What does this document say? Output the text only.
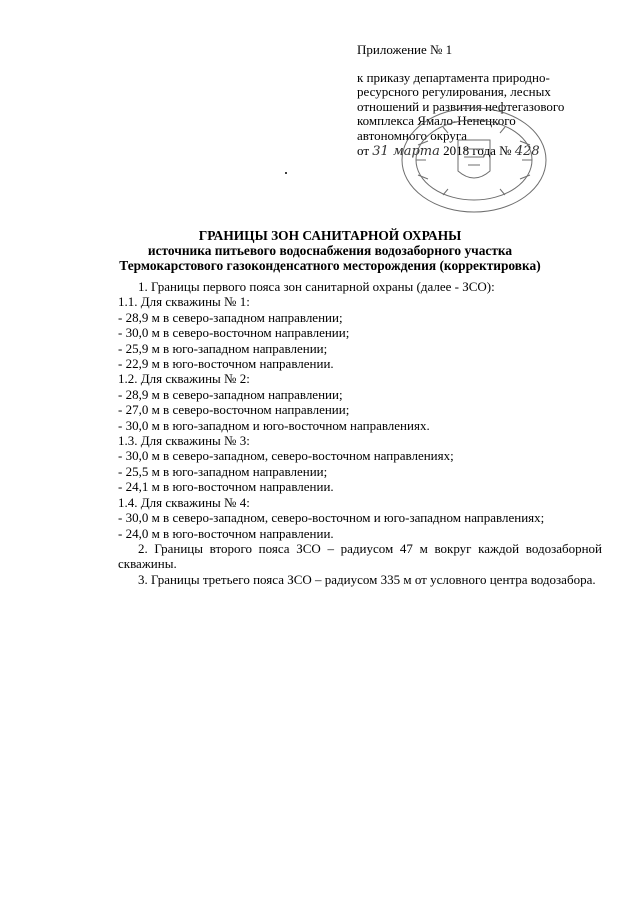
Приложение № 1
к приказу департамента природно-
ресурсного регулирования, лесных
отношений и развития нефтегазового
комплекса Ямало-Ненецкого
автономного округа
от 31 марта 2018 года № 428
ГРАНИЦЫ ЗОН САНИТАРНОЙ ОХРАНЫ
источника питьевого водоснабжения водозаборного участка
Термокарстового газоконденсатного месторождения (корректировка)
1. Границы первого пояса зон санитарной охраны (далее - ЗСО):
1.1. Для скважины № 1:
- 28,9 м в северо-западном направлении;
- 30,0 м в северо-восточном направлении;
- 25,9 м в юго-западном направлении;
- 22,9 м в юго-восточном направлении.
1.2. Для скважины № 2:
- 28,9 м в северо-западном направлении;
- 27,0 м в северо-восточном направлении;
- 30,0 м в юго-западном и юго-восточном направлениях.
1.3. Для скважины № 3:
- 30,0 м в северо-западном, северо-восточном направлениях;
- 25,5 м в юго-западном направлении;
- 24,1 м в юго-восточном направлении.
1.4. Для скважины № 4:
- 30,0 м в северо-западном, северо-восточном и юго-западном направлениях;
- 24,0 м в юго-восточном направлении.
2. Границы второго пояса ЗСО – радиусом 47 м вокруг каждой водозаборной скважины.
3. Границы третьего пояса ЗСО – радиусом 335 м от условного центра водозабора.
